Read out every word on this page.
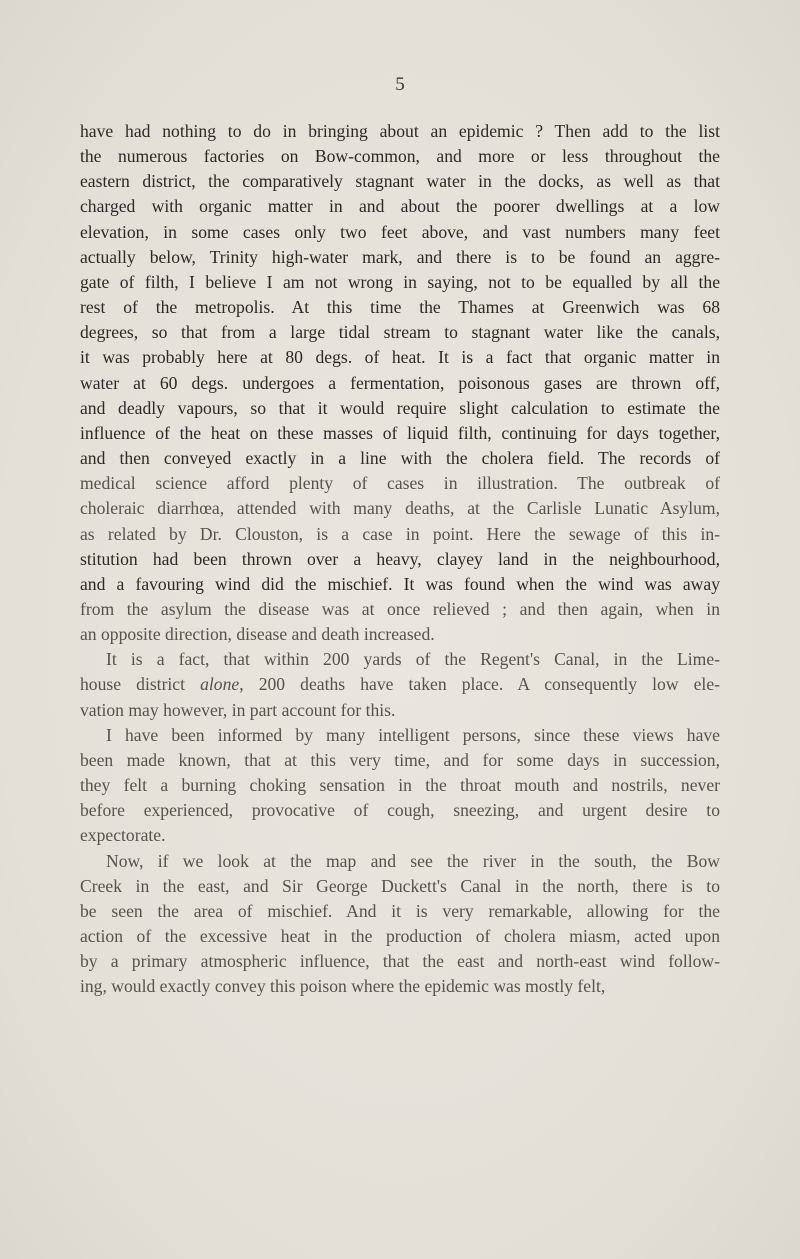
5
have had nothing to do in bringing about an epidemic ? Then add to the list
the numerous factories on Bow-common, and more or less throughout the
eastern district, the comparatively stagnant water in the docks, as well as that
charged with organic matter in and about the poorer dwellings at a low
elevation, in some cases only two feet above, and vast numbers many feet
actually below, Trinity high-water mark, and there is to be found an aggre-
gate of filth, I believe I am not wrong in saying, not to be equalled by all the
rest of the metropolis. At this time the Thames at Greenwich was 68
degrees, so that from a large tidal stream to stagnant water like the canals,
it was probably here at 80 degs. of heat. It is a fact that organic matter in
water at 60 degs. undergoes a fermentation, poisonous gases are thrown off,
and deadly vapours, so that it would require slight calculation to estimate the
influence of the heat on these masses of liquid filth, continuing for days together,
and then conveyed exactly in a line with the cholera field. The records of
medical science afford plenty of cases in illustration. The outbreak of
choleraic diarrhœa, attended with many deaths, at the Carlisle Lunatic Asylum,
as related by Dr. Clouston, is a case in point. Here the sewage of this in-
stitution had been thrown over a heavy, clayey land in the neighbourhood,
and a favouring wind did the mischief. It was found when the wind was away
from the asylum the disease was at once relieved ; and then again, when in
an opposite direction, disease and death increased.
It is a fact, that within 200 yards of the Regent's Canal, in the Lime-
house district alone, 200 deaths have taken place. A consequently low ele-
vation may however, in part account for this.
I have been informed by many intelligent persons, since these views have
been made known, that at this very time, and for some days in succession,
they felt a burning choking sensation in the throat mouth and nostrils, never
before experienced, provocative of cough, sneezing, and urgent desire to
expectorate.
Now, if we look at the map and see the river in the south, the Bow
Creek in the east, and Sir George Duckett's Canal in the north, there is to
be seen the area of mischief. And it is very remarkable, allowing for the
action of the excessive heat in the production of cholera miasm, acted upon
by a primary atmospheric influence, that the east and north-east wind follow-
ing, would exactly convey this poison where the epidemic was mostly felt,
